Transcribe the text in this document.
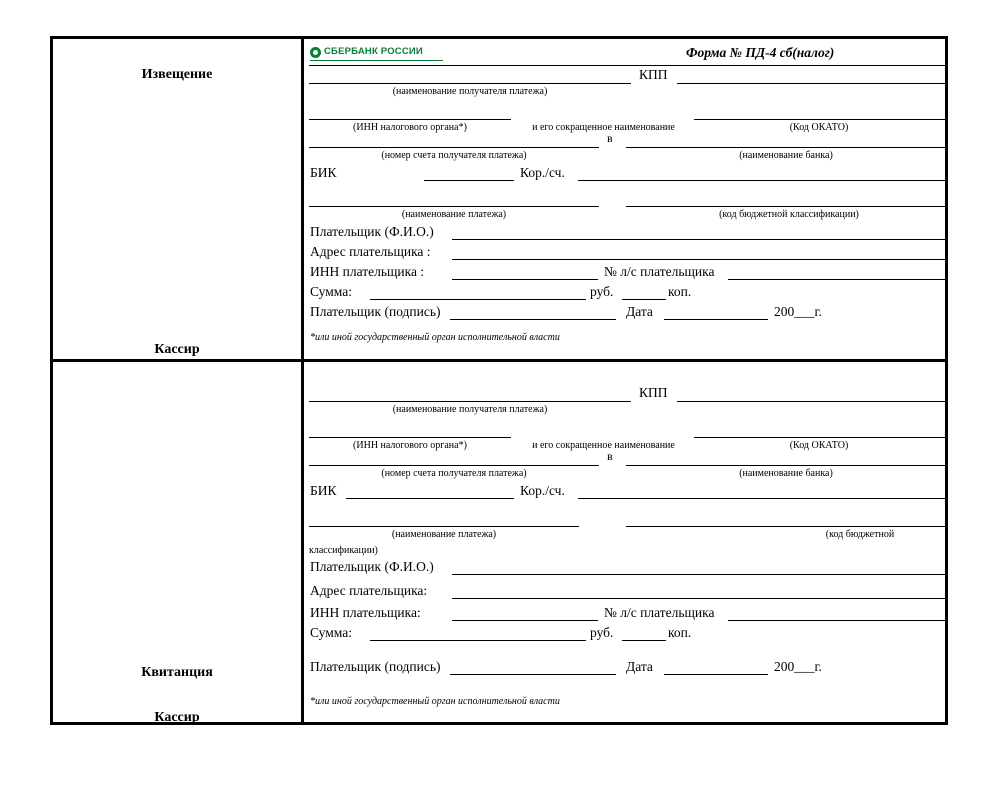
Извещение
Кассир
Квитанция
Кассир
СБЕРБАНК РОССИИ	Форма № ПД-4 сб(налог)
КПП
(наименование получателя платежа)
(ИНН налогового органа*)	и его сокращенное наименование	(Код ОКАТО)
в
(номер счета получателя платежа)	(наименование банка)
БИК	Кор./сч.
(наименование платежа)	(код бюджетной классификации)
Плательщик (Ф.И.О.)
Адрес плательщика :
ИНН плательщика :	№ л/с плательщика
Сумма:	руб.	коп.
Плательщик (подпись)	Дата	200___г.
*или иной государственный орган исполнительной власти
КПП
(наименование получателя платежа)
(ИНН налогового органа*)	и его сокращенное наименование	(Код ОКАТО)
в
(номер счета получателя платежа)	(наименование банка)
БИК	Кор./сч.
(наименование платежа)	(код бюджетной
классификации)
Плательщик (Ф.И.О.)
Адрес плательщика:
ИНН плательщика:	№ л/с плательщика
Сумма:	руб.	коп.
Плательщик (подпись)	Дата	200___г.
*или иной государственный орган исполнительной власти
